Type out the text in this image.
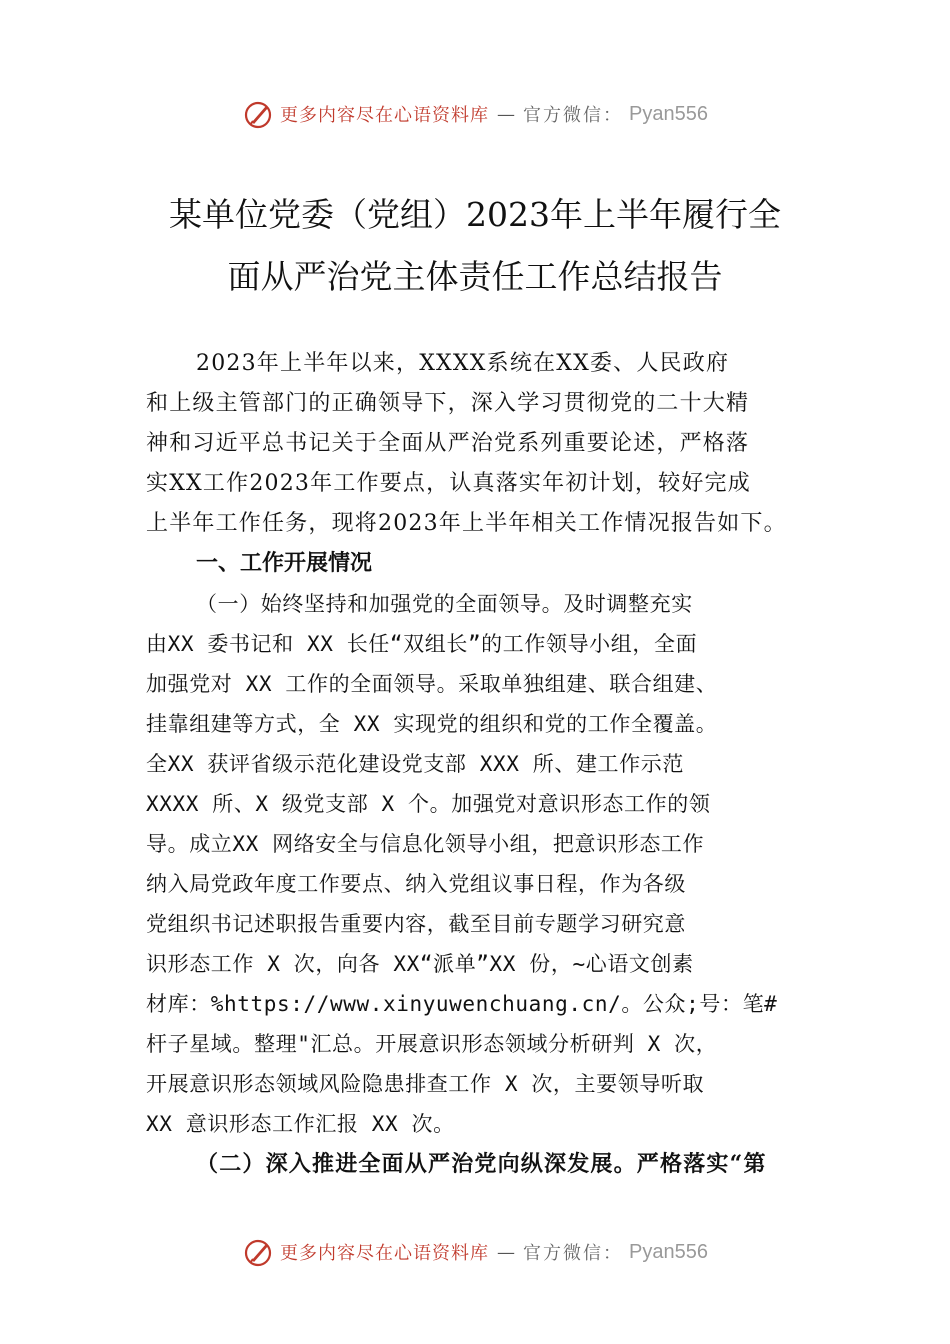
更多内容尽在心语资料库 — 官方微信： Pyan556
某单位党委（党组）2023年上半年履行全
面从严治党主体责任工作总结报告
2023年上半年以来，XXXX系统在XX委、人民政府
和上级主管部门的正确领导下，深入学习贯彻党的二十大精
神和习近平总书记关于全面从严治党系列重要论述，严格落
实XX工作2023年工作要点，认真落实年初计划，较好完成
上半年工作任务，现将2023年上半年相关工作情况报告如下。
一、工作开展情况
（一）始终坚持和加强党的全面领导。及时调整充实
由XX 委书记和 XX 长任“双组长”的工作领导小组，全面
加强党对 XX 工作的全面领导。采取单独组建、联合组建、
挂靠组建等方式，全 XX 实现党的组织和党的工作全覆盖。
全XX 获评省级示范化建设党支部 XXX 所、建工作示范
XXXX 所、X 级党支部 X 个。加强党对意识形态工作的领
导。成立XX 网络安全与信息化领导小组，把意识形态工作
纳入局党政年度工作要点、纳入党组议事日程，作为各级
党组织书记述职报告重要内容，截至目前专题学习研究意
识形态工作 X 次，向各 XX“派单”XX 份，~心语文创素
材库：%https://www.xinyuwenchuang.cn/。公众;号：笔#
杆子星域。整理"汇总。开展意识形态领域分析研判 X 次，
开展意识形态领域风险隐患排查工作 X 次，主要领导听取
XX 意识形态工作汇报 XX 次。
（二）深入推进全面从严治党向纵深发展。严格落实“第
更多内容尽在心语资料库 — 官方微信： Pyan556
